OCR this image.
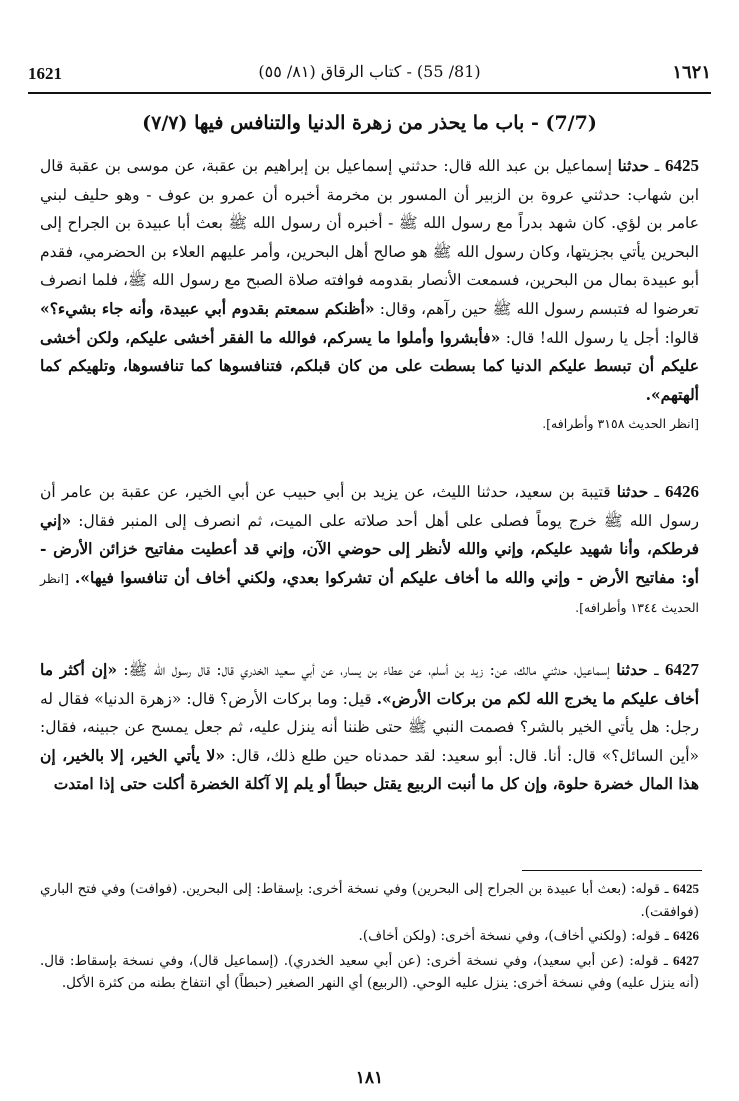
1621	(81/ 55) - كتاب الرقاق (٨١/ ٥٥)	١٦٢١
(7/7) - باب ما يحذر من زهرة الدنيا والتنافس فيها (٧/٧)
6425 ـ حدثنا إسماعيل بن عبد الله قال: حدثني إسماعيل بن إبراهيم بن عقبة، عن موسى بن عقبة قال ابن شهاب: حدثني عروة بن الزبير أن المسور بن مخرمة أخبره أن عمرو بن عوف - وهو حليف لبني عامر بن لؤي. كان شهد بدراً مع رسول الله ﷺ - أخبره أن رسول الله ﷺ بعث أبا عبيدة بن الجراح إلى البحرين يأتي بجزيتها، وكان رسول الله ﷺ هو صالح أهل البحرين، وأمر عليهم العلاء بن الحضرمي، فقدم أبو عبيدة بمال من البحرين، فسمعت الأنصار بقدومه فوافته صلاة الصبح مع رسول الله ﷺ، فلما انصرف تعرضوا له فتبسم رسول الله ﷺ حين رآهم، وقال: «أظنكم سمعتم بقدوم أبي عبيدة، وأنه جاء بشيء؟» قالوا: أجل يا رسول الله! قال: «فأبشروا وأملوا ما يسركم، فوالله ما الفقر أخشى عليكم، ولكن أخشى عليكم أن تبسط عليكم الدنيا كما بسطت على من كان قبلكم، فتنافسوها كما تنافسوها، وتلهيكم كما ألهتهم».
[انظر الحديث ٣١٥٨ وأطرافه].
6426 ـ حدثنا قتيبة بن سعيد، حدثنا الليث، عن يزيد بن أبي حبيب عن أبي الخير، عن عقبة بن عامر أن رسول الله ﷺ خرج يوماً فصلى على أهل أحد صلاته على الميت، ثم انصرف إلى المنبر فقال: «إني فرطكم، وأنا شهيد عليكم، وإني والله لأنظر إلى حوضي الآن، وإني قد أعطيت مفاتيح خزائن الأرض - أو: مفاتيح الأرض - وإني والله ما أخاف عليكم أن تشركوا بعدي، ولكني أخاف أن تنافسوا فيها». [انظر الحديث ١٣٤٤ وأطرافه].
6427 ـ حدثنا إسماعيل، حدثني مالك، عن: زيد بن أسلم، عن عطاء بن يسار، عن أبي سعيد الخدري قال: قال رسول الله ﷺ: «إن أكثر ما أخاف عليكم ما يخرج الله لكم من بركات الأرض». قيل: وما بركات الأرض؟ قال: «زهرة الدنيا» فقال له رجل: هل يأتي الخير بالشر؟ فصمت النبي ﷺ حتى ظننا أنه ينزل عليه، ثم جعل يمسح عن جبينه، فقال: «أين السائل؟» قال: أنا. قال: أبو سعيد: لقد حمدناه حين طلع ذلك، قال: «لا يأتي الخير، إلا بالخير، إن هذا المال خضرة حلوة، وإن كل ما أنبت الربيع يقتل حبطاً أو يلم إلا آكلة الخضرة أكلت حتى إذا امتدت

6425 ـ قوله: (بعث أبا عبيدة بن الجراح إلى البحرين) وفي نسخة أخرى: بإسقاط: إلى البحرين. (فوافت) وفي فتح الباري (فوافقت).

6426 ـ قوله: (ولكني أخاف)، وفي نسخة أخرى: (ولكن أخاف).

6427 ـ قوله: (عن أبي سعيد)، وفي نسخة أخرى: (عن أبي سعيد الخدري). (إسماعيل قال)، وفي نسخة بإسقاط: قال. (أنه ينزل عليه) وفي نسخة أخرى: ينزل عليه الوحي. (الربيع) أي النهر الصغير (حبطاً) أي انتفاخ بطنه من كثرة الأكل.

١٨١
